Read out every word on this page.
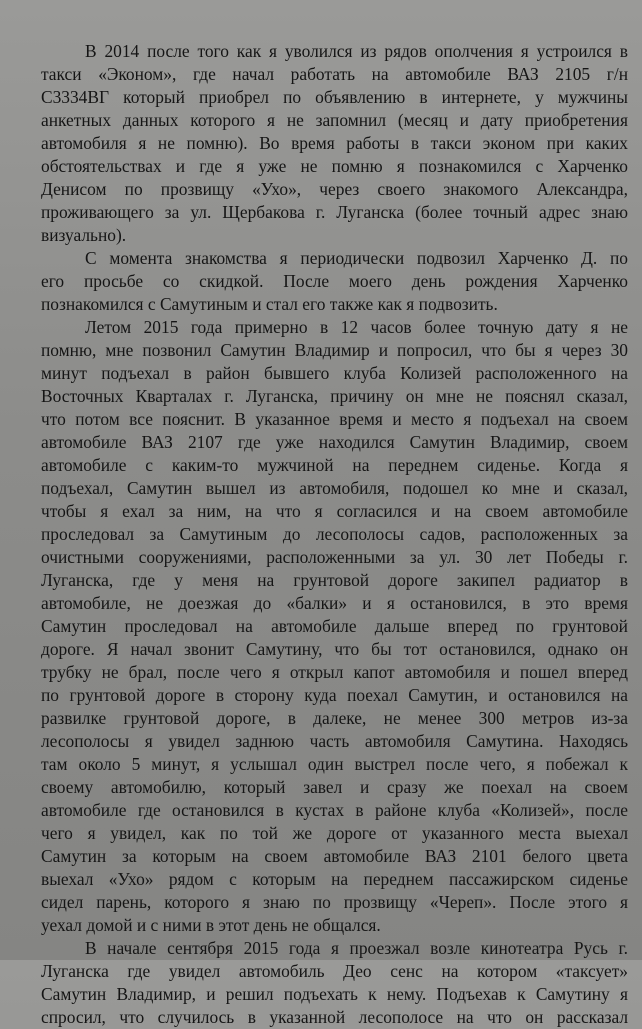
В 2014 после того как я уволился из рядов ополчения я устроился в
такси «Эконом», где начал работать на автомобиле ВАЗ 2105 г/н
С3334ВГ который приобрел по объявлению в интернете, у мужчины
анкетных данных которого я не запомнил (месяц и дату приобретения
автомобиля я не помню). Во время работы в такси эконом при каких
обстоятельствах и где я уже не помню я познакомился с Харченко
Денисом по прозвищу «Ухо», через своего знакомого Александра,
проживающего за ул. Щербакова г. Луганска (более точный адрес знаю
визуально).
С момента знакомства я периодически подвозил Харченко Д. по
его просьбе со скидкой. После моего день рождения Харченко
познакомился с Самутиным и стал его также как я подвозить.
Летом 2015 года примерно в 12 часов более точную дату я не
помню, мне позвонил Самутин Владимир и попросил, что бы я через 30
минут подъехал в район бывшего клуба Колизей расположенного на
Восточных Кварталах г. Луганска, причину он мне не пояснял сказал,
что потом все пояснит. В указанное время и место я подъехал на своем
автомобиле ВАЗ 2107 где уже находился Самутин Владимир, своем
автомобиле с каким-то мужчиной на переднем сиденье. Когда я
подъехал, Самутин вышел из автомобиля, подошел ко мне и сказал,
чтобы я ехал за ним, на что я согласился и на своем автомобиле
проследовал за Самутиным до лесополосы садов, расположенных за
очистными сооружениями, расположенными за ул. 30 лет Победы г.
Луганска, где у меня на грунтовой дороге закипел радиатор в
автомобиле, не доезжая до «балки» и я остановился, в это время
Самутин проследовал на автомобиле дальше вперед по грунтовой
дороге. Я начал звонит Самутину, что бы тот остановился, однако он
трубку не брал, после чего я открыл капот автомобиля и пошел вперед
по грунтовой дороге в сторону куда поехал Самутин, и остановился на
развилке грунтовой дороге, в далеке, не менее 300 метров из-за
лесополосы я увидел заднюю часть автомобиля Самутина. Находясь
там около 5 минут, я услышал один выстрел после чего, я побежал к
своему автомобилю, который завел и сразу же поехал на своем
автомобиле где остановился в кустах в районе клуба «Колизей», после
чего я увидел, как по той же дороге от указанного места выехал
Самутин за которым на своем автомобиле ВАЗ 2101 белого цвета
выехал «Ухо» рядом с которым на переднем пассажирском сиденье
сидел парень, которого я знаю по прозвищу «Череп». После этого я
уехал домой и с ними в этот день не общался.
В начале сентября 2015 года я проезжал возле кинотеатра Русь г.
Луганска где увидел автомобиль Део сенс на котором «таксует»
Самутин Владимир, и решил подъехать к нему. Подъехав к Самутину я
спросил, что случилось в указанной лесополосе на что он рассказал
